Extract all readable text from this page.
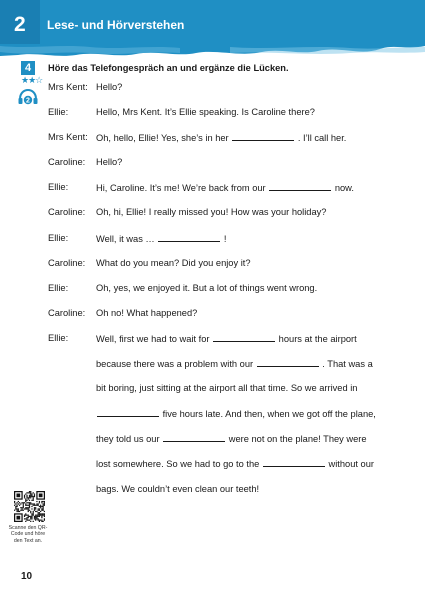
2 Lese- und Hörverstehen
4
★★☆
2
Höre das Telefongespräch an und ergänze die Lücken.
Mrs Kent: Hello?
Ellie:	Hello, Mrs Kent. It’s Ellie speaking. Is Caroline there?
Mrs Kent: Oh, hello, Ellie! Yes, she’s in her	. I’ll call her.
Caroline: Hello?
Ellie:	Hi, Caroline. It’s me! We’re back from our	now.
Caroline: Oh, hi, Ellie! I really missed you! How was your holiday?
Ellie:	Well, it was …	!
Caroline: What do you mean? Did you enjoy it?
Ellie:	Oh, yes, we enjoyed it. But a lot of things went wrong.
Caroline: Oh no! What happened?
Ellie:	Well, first we had to wait for	hours at the airport
because there was a problem with our	. That was a
bit boring, just sitting at the airport all that time. So we arrived in
five hours late. And then, when we got off the plane,
they told us our	were not on the plane! They were
lost somewhere. So we had to go to the	without our
bags. We couldn’t even clean our teeth!
Scanne den QR-Code und höre den Text an.
10
